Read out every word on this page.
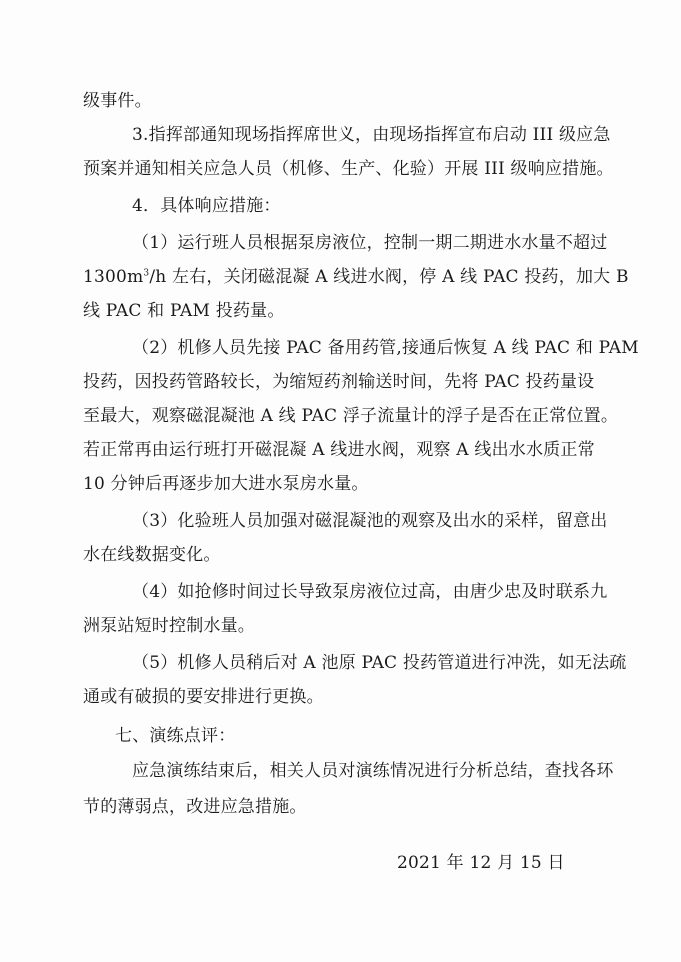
级事件。
3.指挥部通知现场指挥席世义，由现场指挥宣布启动 III 级应急
预案并通知相关应急人员（机修、生产、化验）开展 III 级响应措施。
4．具体响应措施：
（1）运行班人员根据泵房液位，控制一期二期进水水量不超过
$1300m^3/h$ 左右，关闭磁混凝 A 线进水阀，停 A 线 PAC 投药，加大 B
线 PAC 和 PAM 投药量。
（2）机修人员先接 PAC 备用药管,接通后恢复 A 线 PAC 和 PAM
投药，因投药管路较长，为缩短药剂输送时间，先将 PAC 投药量设
至最大，观察磁混凝池 A 线 PAC 浮子流量计的浮子是否在正常位置。
若正常再由运行班打开磁混凝 A 线进水阀，观察 A 线出水水质正常
10 分钟后再逐步加大进水泵房水量。
（3）化验班人员加强对磁混凝池的观察及出水的采样，留意出
水在线数据变化。
（4）如抢修时间过长导致泵房液位过高，由唐少忠及时联系九
洲泵站短时控制水量。
（5）机修人员稍后对 A 池原 PAC 投药管道进行冲洗，如无法疏
通或有破损的要安排进行更换。
七、演练点评：
应急演练结束后，相关人员对演练情况进行分析总结，查找各环
节的薄弱点，改进应急措施。
2021 年 12 月 15 日
